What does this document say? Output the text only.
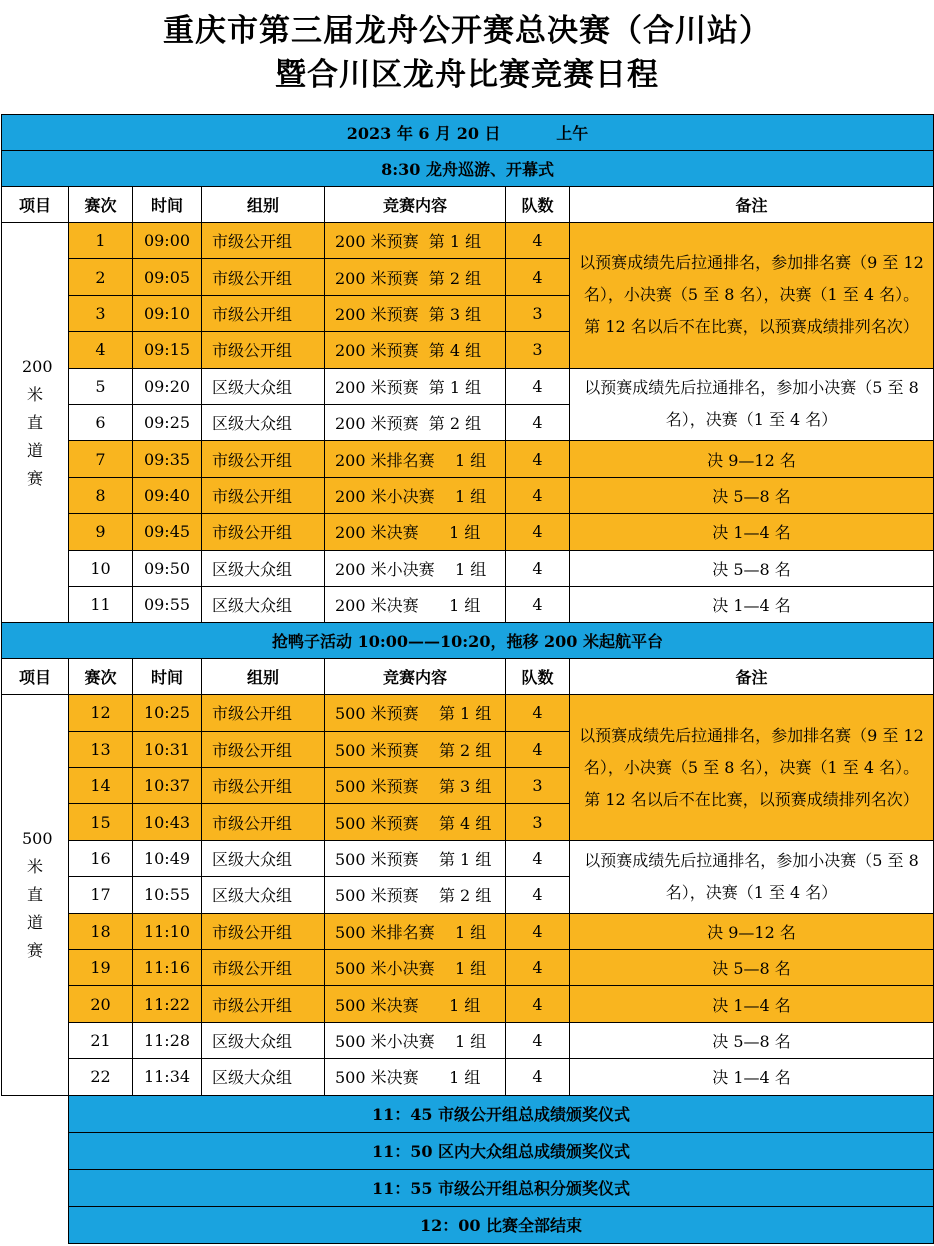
重庆市第三届龙舟公开赛总决赛（合川站）
暨合川区龙舟比赛竞赛日程
2023 年 6 月 20 日          上午						
8:30 龙舟巡游、开幕式						
项目	赛次	时间	组别	竞赛内容	队数	备注
200 米 直 道 赛	1	09:00	市级公开组	200 米预赛  第 1 组	4	以预赛成绩先后拉通排名，参加排名赛（9 至 12 名），小决赛（5 至 8 名），决赛（1 至 4 名）。第 12 名以后不在比赛，以预赛成绩排列名次）
	2	09:05	市级公开组	200 米预赛  第 2 组	4	
	3	09:10	市级公开组	200 米预赛  第 3 组	3	
	4	09:15	市级公开组	200 米预赛  第 4 组	3	
	5	09:20	区级大众组	200 米预赛  第 1 组	4	以预赛成绩先后拉通排名，参加小决赛（5 至 8 名），决赛（1 至 4 名）
	6	09:25	区级大众组	200 米预赛  第 2 组	4	
	7	09:35	市级公开组	200 米排名赛    1 组	4	决 9—12 名
	8	09:40	市级公开组	200 米小决赛    1 组	4	决 5—8 名
	9	09:45	市级公开组	200 米决赛      1 组	4	决 1—4 名
	10	09:50	区级大众组	200 米小决赛    1 组	4	决 5—8 名
	11	09:55	区级大众组	200 米决赛      1 组	4	决 1—4 名
抢鸭子活动 10:00——10:20，拖移 200 米起航平台						
项目	赛次	时间	组别	竞赛内容	队数	备注
500 米 直 道 赛	12	10:25	市级公开组	500 米预赛    第 1 组	4	以预赛成绩先后拉通排名，参加排名赛（9 至 12 名），小决赛（5 至 8 名），决赛（1 至 4 名）。第 12 名以后不在比赛，以预赛成绩排列名次）
	13	10:31	市级公开组	500 米预赛    第 2 组	4	
	14	10:37	市级公开组	500 米预赛    第 3 组	3	
	15	10:43	市级公开组	500 米预赛    第 4 组	3	
	16	10:49	区级大众组	500 米预赛    第 1 组	4	以预赛成绩先后拉通排名，参加小决赛（5 至 8 名），决赛（1 至 4 名）
	17	10:55	区级大众组	500 米预赛    第 2 组	4	
	18	11:10	市级公开组	500 米排名赛    1 组	4	决 9—12 名
	19	11:16	市级公开组	500 米小决赛    1 组	4	决 5—8 名
	20	11:22	市级公开组	500 米决赛      1 组	4	决 1—4 名
	21	11:28	区级大众组	500 米小决赛    1 组	4	决 5—8 名
	22	11:34	区级大众组	500 米决赛      1 组	4	决 1—4 名
	11：45 市级公开组总成绩颁奖仪式					
	11：50 区内大众组总成绩颁奖仪式					
	11：55 市级公开组总积分颁奖仪式					
	12：00 比赛全部结束					
